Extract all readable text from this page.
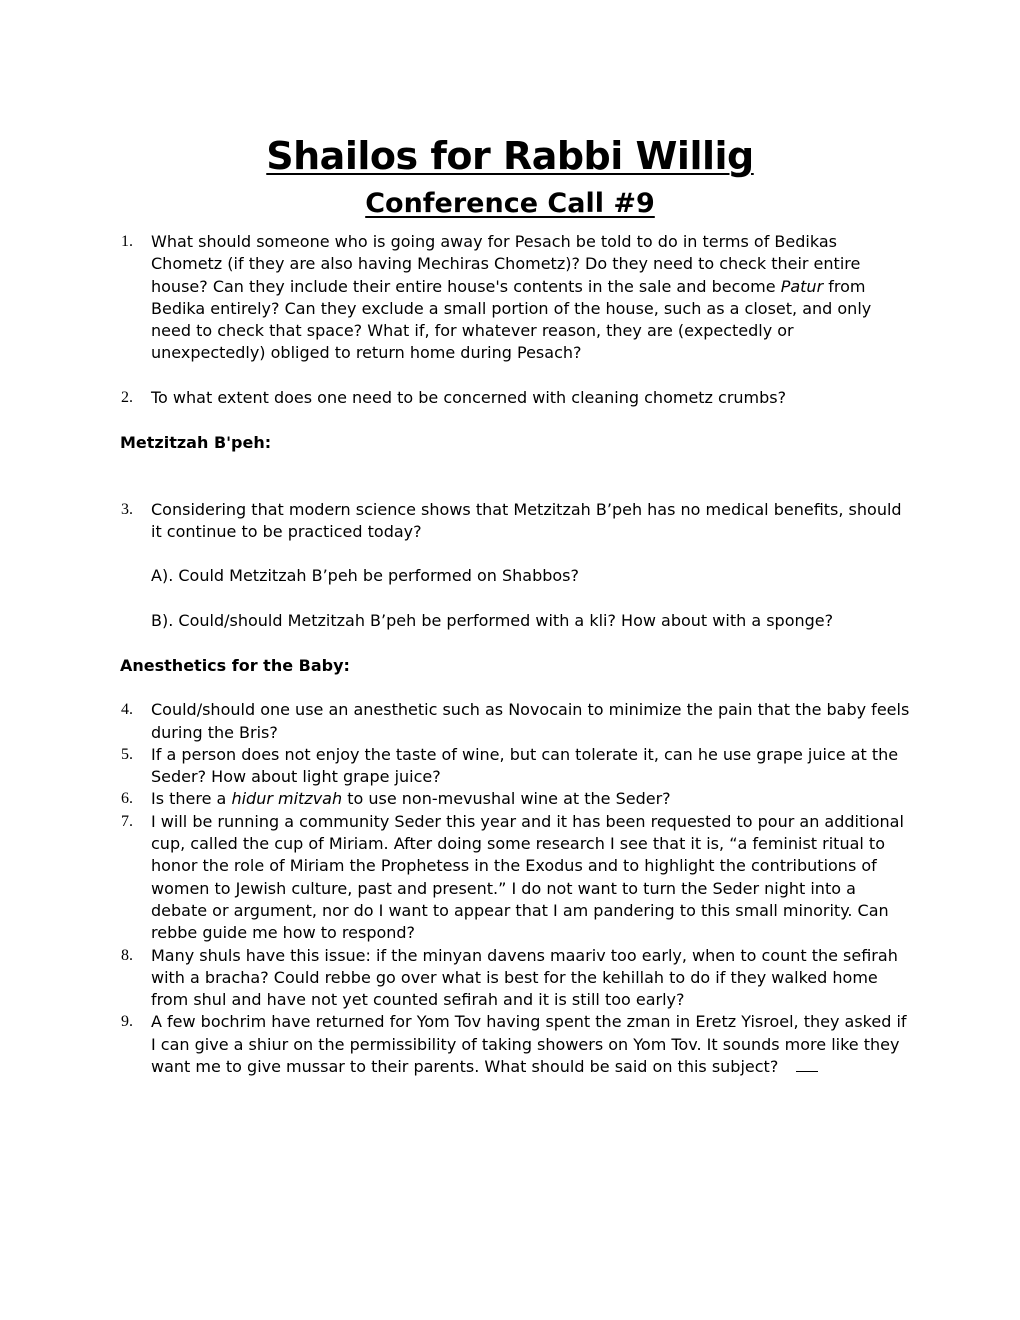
Shailos for Rabbi Willig
Conference Call #9
1. What should someone who is going away for Pesach be told to do in terms of Bedikas Chometz (if they are also having Mechiras Chometz)? Do they need to check their entire house? Can they include their entire house's contents in the sale and become Patur from Bedika entirely? Can they exclude a small portion of the house, such as a closet, and only need to check that space? What if, for whatever reason, they are (expectedly or unexpectedly) obliged to return home during Pesach?
2. To what extent does one need to be concerned with cleaning chometz crumbs?
Metzitzah B'peh:
3. Considering that modern science shows that Metzitzah B’peh has no medical benefits, should it continue to be practiced today?
A). Could Metzitzah B’peh be performed on Shabbos?
B). Could/should Metzitzah B’peh be performed with a kli? How about with a sponge?
Anesthetics for the Baby:
4. Could/should one use an anesthetic such as Novocain to minimize the pain that the baby feels during the Bris?
5. If a person does not enjoy the taste of wine, but can tolerate it, can he use grape juice at the Seder? How about light grape juice?
6. Is there a hidur mitzvah to use non-mevushal wine at the Seder?
7. I will be running a community Seder this year and it has been requested to pour an additional cup, called the cup of Miriam. After doing some research I see that it is, “a feminist ritual to honor the role of Miriam the Prophetess in the Exodus and to highlight the contributions of women to Jewish culture, past and present.” I do not want to turn the Seder night into a debate or argument, nor do I want to appear that I am pandering to this small minority. Can rebbe guide me how to respond?
8. Many shuls have this issue: if the minyan davens maariv too early, when to count the sefirah with a bracha? Could rebbe go over what is best for the kehillah to do if they walked home from shul and have not yet counted sefirah and it is still too early?
9. A few bochrim have returned for Yom Tov having spent the zman in Eretz Yisroel, they asked if I can give a shiur on the permissibility of taking showers on Yom Tov. It sounds more like they want me to give mussar to their parents. What should be said on this subject?
